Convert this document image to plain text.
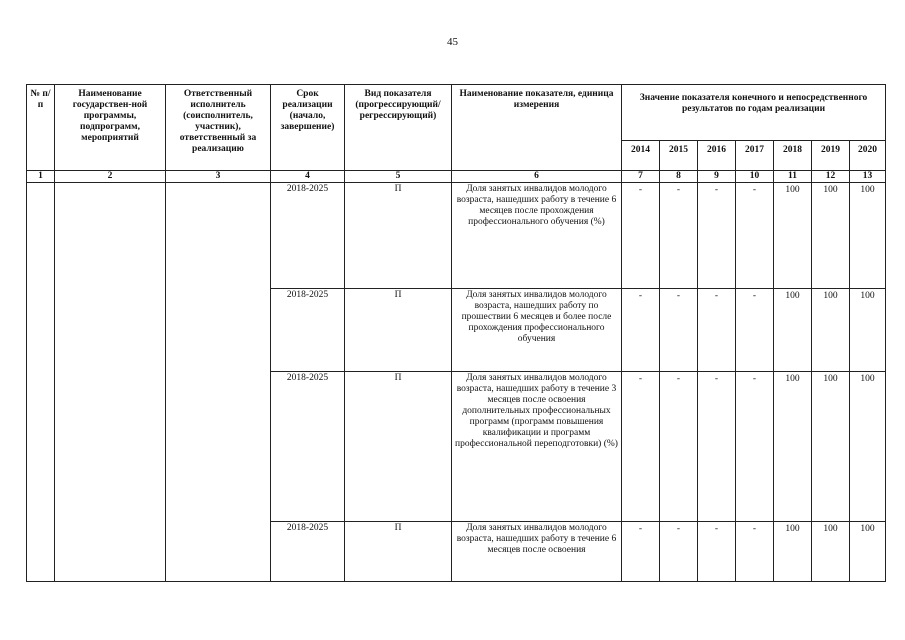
45
№ п/п	Наименование государствен-ной программы, подпрограмм, мероприятий	Ответственный исполнитель (соисполнитель, участник), ответственный за реализацию	Срок реализации (начало, завершение)	Вид показателя (прогрессирующий/ регрессирующий)	Наименование показателя, единица измерения	Значение показателя конечного и непосредственного результатов по годам реализации						
						2014	2015	2016	2017	2018	2019	2020
1	2	3	4	5	6	7	8	9	10	11	12	13
			2018-2025	П	Доля занятых инвалидов молодого возраста, нашедших работу в течение 6 месяцев после прохождения профессионального обучения (%)	-	-	-	-	100	100	100
			2018-2025	П	Доля занятых инвалидов молодого возраста, нашедших работу по прошествии 6 месяцев и более после прохождения профессионального обучения	-	-	-	-	100	100	100
			2018-2025	П	Доля занятых инвалидов молодого возраста, нашедших работу в течение 3 месяцев после освоения дополнительных профессиональных программ (программ повышения квалификации и программ профессиональной переподготовки) (%)	-	-	-	-	100	100	100
			2018-2025	П	Доля занятых инвалидов молодого возраста, нашедших работу в течение 6 месяцев после освоения	-	-	-	-	100	100	100
